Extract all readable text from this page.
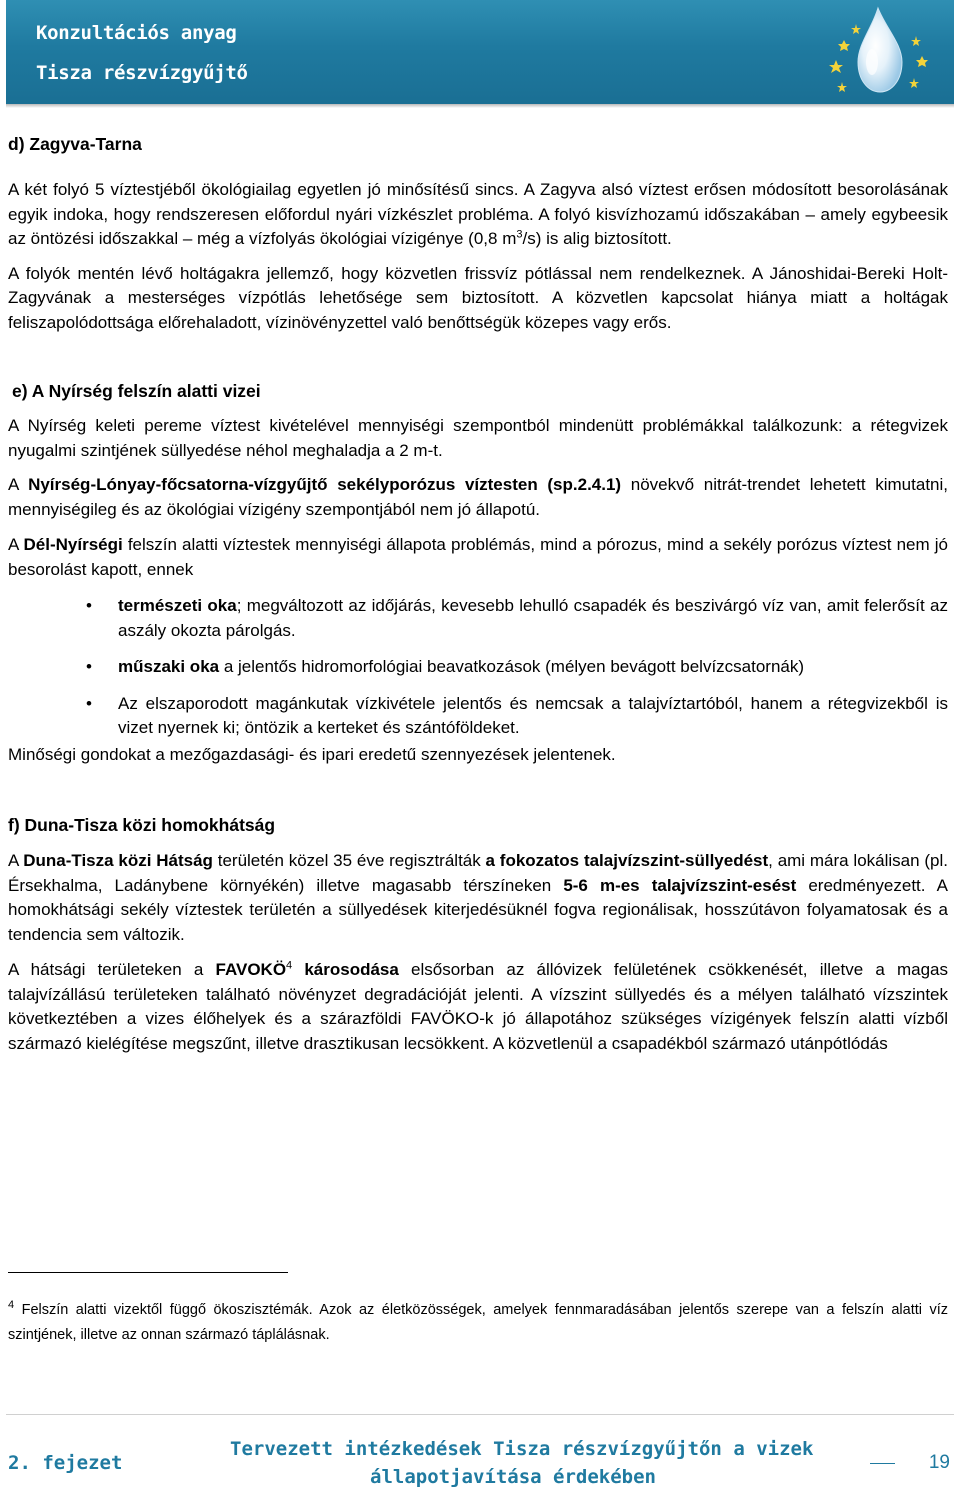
Konzultációs anyag
Tisza részvízgyűjtő

d) Zagyva-Tarna

A két folyó 5 víztestjéből ökológiailag egyetlen jó minősítésű sincs. A Zagyva alsó víztest erősen módosított besorolásának egyik indoka, hogy rendszeresen előfordul nyári vízkészlet probléma. A folyó kisvízhozamú időszakában – amely egybeesik az öntözési időszakkal – még a vízfolyás ökológiai vízigénye (0,8 $m^3/s$) is alig biztosított.

A folyók mentén lévő holtágakra jellemző, hogy közvetlen frissvíz pótlással nem rendelkeznek. A Jánoshidai-Bereki Holt-Zagyvának a mesterséges vízpótlás lehetősége sem biztosított. A közvetlen kapcsolat hiánya miatt a holtágak feliszapolódottsága előrehaladott, vízinövényzettel való benőttségük közepes vagy erős.

e) A Nyírség felszín alatti vizei

A Nyírség keleti pereme víztest kivételével mennyiségi szempontból mindenütt problémákkal találkozunk: a rétegvizek nyugalmi szintjének süllyedése néhol meghaladja a 2 m-t.

A Nyírség-Lónyay-főcsatorna-vízgyűjtő sekélyporózus víztesten (sp.2.4.1) növekvő nitrát-trendet lehetett kimutatni, mennyiségileg és az ökológiai vízigény szempontjából nem jó állapotú.

A Dél-Nyírségi felszín alatti víztestek mennyiségi állapota problémás, mind a pórozus, mind a sekély porózus víztest nem jó besorolást kapott, ennek

• természeti oka; megváltozott az időjárás, kevesebb lehulló csapadék és beszivárgó víz van, amit felerősít az aszály okozta párolgás.
• műszaki oka a jelentős hidromorfológiai beavatkozások (mélyen bevágott belvízcsatornák)
• Az elszaporodott magánkutak vízkivétele jelentős és nemcsak a talajvíztartóból, hanem a rétegvizekből is vizet nyernek ki; öntözik a kerteket és szántóföldeket.

Minőségi gondokat a mezőgazdasági- és ipari eredetű szennyezések jelentenek.

f) Duna-Tisza közi homokhátság

A Duna-Tisza közi Hátság területén közel 35 éve regisztrálták a fokozatos talajvízszint-süllyedést, ami mára lokálisan (pl. Érsekhalma, Ladánybene környékén) illetve magasabb térszíneken 5-6 m-es talajvízszint-esést eredményezett. A homokhátsági sekély víztestek területén a süllyedések kiterjedésüknél fogva regionálisak, hosszútávon folyamatosak és a tendencia sem változik.

A hátsági területeken a FAVOKÖ$^4$ károsodása elsősorban az állóvizek felületének csökkenését, illetve a magas talajvízállású területeken található növényzet degradációját jelenti. A vízszint süllyedés és a mélyen található vízszintek következtében a vizes élőhelyek és a szárazföldi FAVÖKO-k jó állapotához szükséges vízigények felszín alatti vízből származó kielégítése megszűnt, illetve drasztikusan lecsökkent. A közvetlenül a csapadékból származó utánpótlódás

$^4$ Felszín alatti vizektől függő ökoszisztémák. Azok az életközösségek, amelyek fennmaradásában jelentős szerepe van a felszín alatti víz szintjének, illetve az onnan származó táplálásnak.
2. fejezet
Tervezett intézkedések Tisza részvízgyűjtőn a vizek
állapotjavítása érdekében
19
